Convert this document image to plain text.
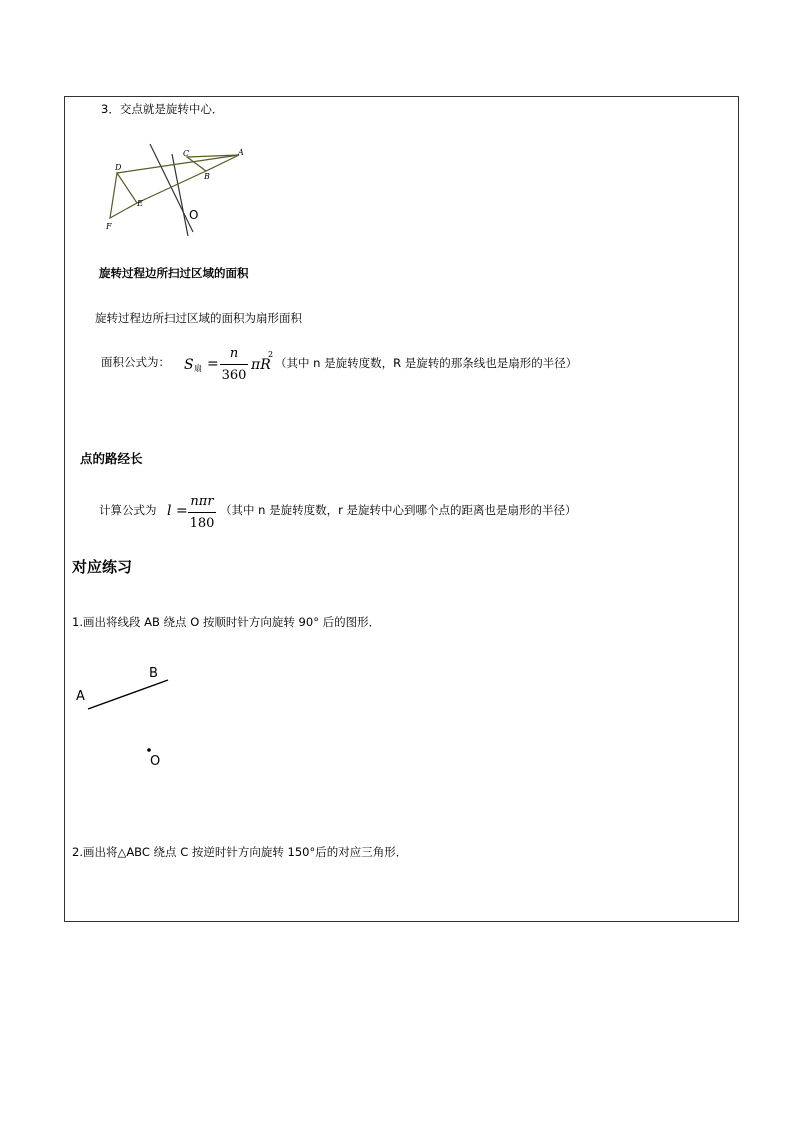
3．交点就是旋转中心．
C	A
D
B
E
F
O
旋转过程边所扫过区域的面积
旋转过程边所扫过区域的面积为扇形面积
面积公式为： S 扇 =
n
360
πR
2
（其中 n 是旋转度数，R 是旋转的那条线也是扇形的半径）
点的路经长
计算公式为 l =
nπr
180
（其中 n 是旋转度数，r 是旋转中心到哪个点的距离也是扇形的半径）
对应练习
1.画出将线段 AB 绕点 O 按顺时针方向旋转 90° 后的图形．
A
B
O
2.画出将△ABC 绕点 C 按逆时针方向旋转 150°后的对应三角形．
